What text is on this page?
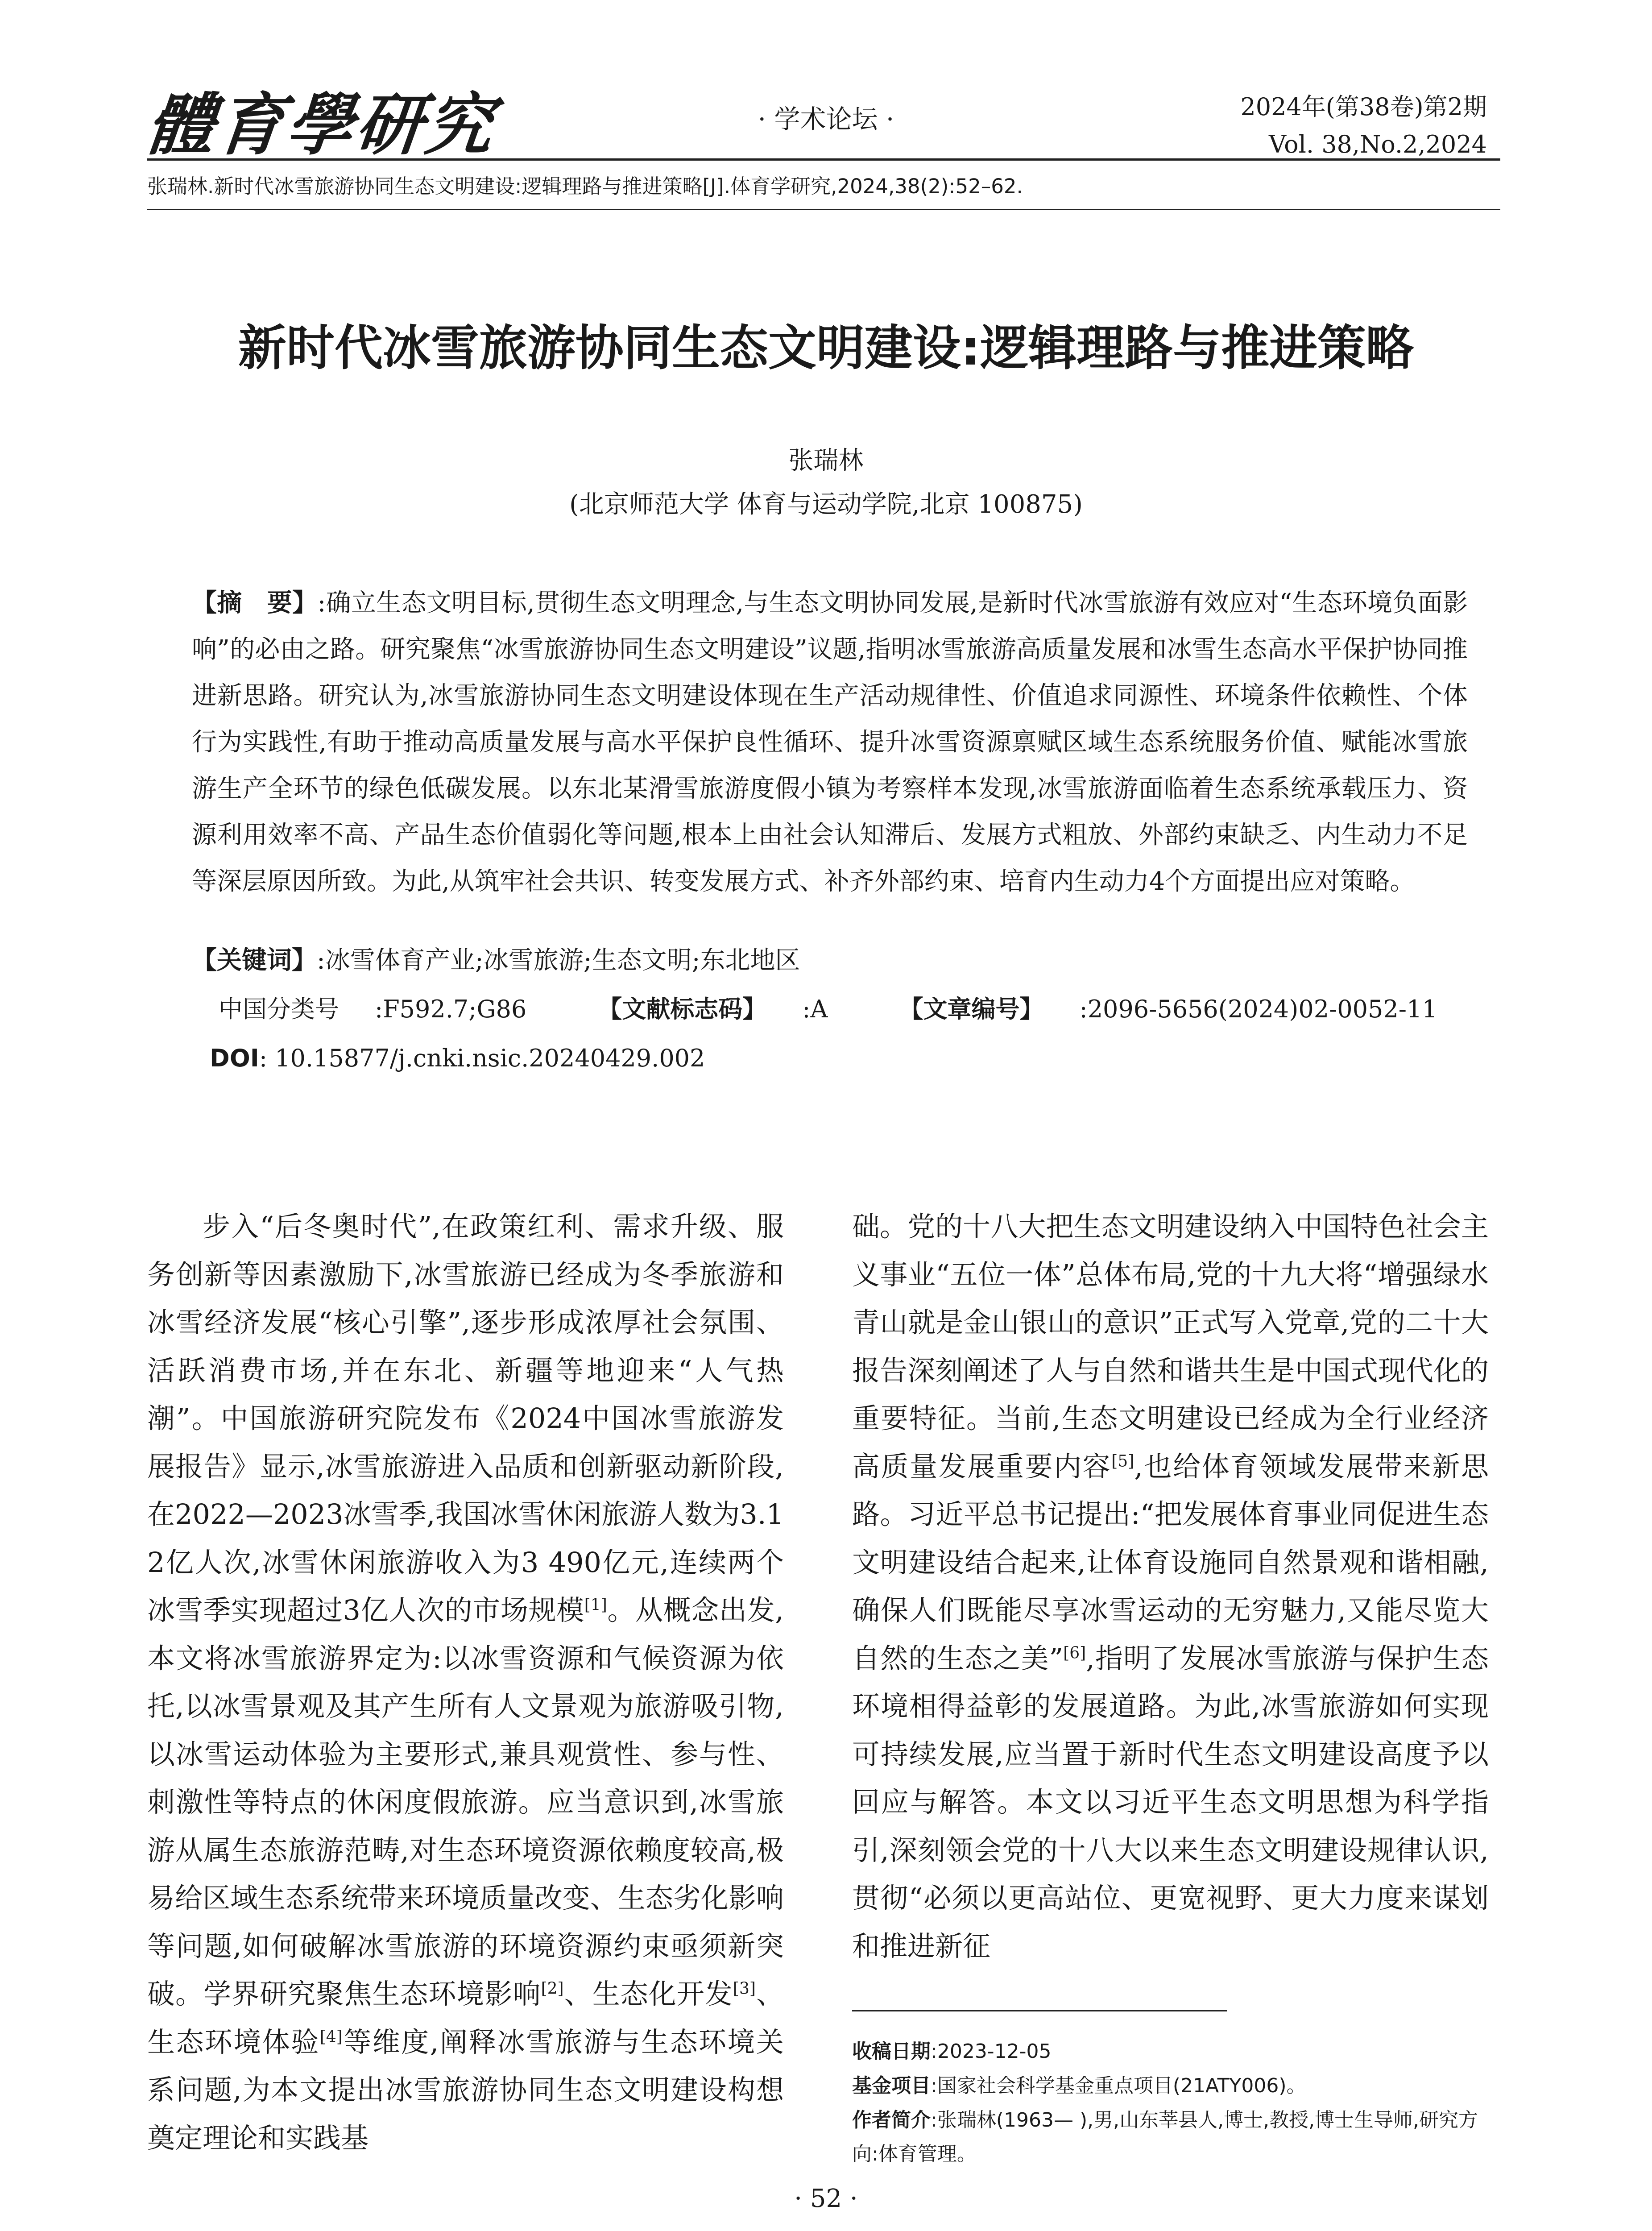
體育學研究	· 学术论坛 ·	2024年(第38卷)第2期
Vol. 38,No.2,2024
张瑞林.新时代冰雪旅游协同生态文明建设:逻辑理路与推进策略[J].体育学研究,2024,38(2):52–62.
新时代冰雪旅游协同生态文明建设:逻辑理路与推进策略
张瑞林
(北京师范大学 体育与运动学院,北京 100875)
【摘　要】:确立生态文明目标,贯彻生态文明理念,与生态文明协同发展,是新时代冰雪旅游有效应对“生态环境负面影响”的必由之路。研究聚焦“冰雪旅游协同生态文明建设”议题,指明冰雪旅游高质量发展和冰雪生态高水平保护协同推进新思路。研究认为,冰雪旅游协同生态文明建设体现在生产活动规律性、价值追求同源性、环境条件依赖性、个体行为实践性,有助于推动高质量发展与高水平保护良性循环、提升冰雪资源禀赋区域生态系统服务价值、赋能冰雪旅游生产全环节的绿色低碳发展。以东北某滑雪旅游度假小镇为考察样本发现,冰雪旅游面临着生态系统承载压力、资源利用效率不高、产品生态价值弱化等问题,根本上由社会认知滞后、发展方式粗放、外部约束缺乏、内生动力不足等深层原因所致。为此,从筑牢社会共识、转变发展方式、补齐外部约束、培育内生动力4个方面提出应对策略。
【关键词】:冰雪体育产业;冰雪旅游;生态文明;东北地区
中国分类号 :F592.7;G86	【文献标志码】 :A	【文章编号】 :2096-5656(2024)02-0052-11
DOI: 10.15877/j.cnki.nsic.20240429.002
步入“后冬奥时代”,在政策红利、需求升级、服务创新等因素激励下,冰雪旅游已经成为冬季旅游和冰雪经济发展“核心引擎”,逐步形成浓厚社会氛围、活跃消费市场,并在东北、新疆等地迎来“人气热潮”。中国旅游研究院发布《2024中国冰雪旅游发展报告》显示,冰雪旅游进入品质和创新驱动新阶段,在2022—2023冰雪季,我国冰雪休闲旅游人数为3.12亿人次,冰雪休闲旅游收入为3 490亿元,连续两个冰雪季实现超过3亿人次的市场规模[1]。从概念出发,本文将冰雪旅游界定为:以冰雪资源和气候资源为依托,以冰雪景观及其产生所有人文景观为旅游吸引物,以冰雪运动体验为主要形式,兼具观赏性、参与性、刺激性等特点的休闲度假旅游。应当意识到,冰雪旅游从属生态旅游范畴,对生态环境资源依赖度较高,极易给区域生态系统带来环境质量改变、生态劣化影响等问题,如何破解冰雪旅游的环境资源约束亟须新突破。学界研究聚焦生态环境影响[2]、生态化开发[3]、生态环境体验[4]等维度,阐释冰雪旅游与生态环境关系问题,为本文提出冰雪旅游协同生态文明建设构想奠定理论和实践基
础。党的十八大把生态文明建设纳入中国特色社会主义事业“五位一体”总体布局,党的十九大将“增强绿水青山就是金山银山的意识”正式写入党章,党的二十大报告深刻阐述了人与自然和谐共生是中国式现代化的重要特征。当前,生态文明建设已经成为全行业经济高质量发展重要内容[5],也给体育领域发展带来新思路。习近平总书记提出:“把发展体育事业同促进生态文明建设结合起来,让体育设施同自然景观和谐相融,确保人们既能尽享冰雪运动的无穷魅力,又能尽览大自然的生态之美”[6],指明了发展冰雪旅游与保护生态环境相得益彰的发展道路。为此,冰雪旅游如何实现可持续发展,应当置于新时代生态文明建设高度予以回应与解答。本文以习近平生态文明思想为科学指引,深刻领会党的十八大以来生态文明建设规律认识,贯彻“必须以更高站位、更宽视野、更大力度来谋划和推进新征
收稿日期:2023-12-05
基金项目:国家社会科学基金重点项目(21ATY006)。
作者简介:张瑞林(1963— ),男,山东莘县人,博士,教授,博士生导师,研究方向:体育管理。
· 52 ·
